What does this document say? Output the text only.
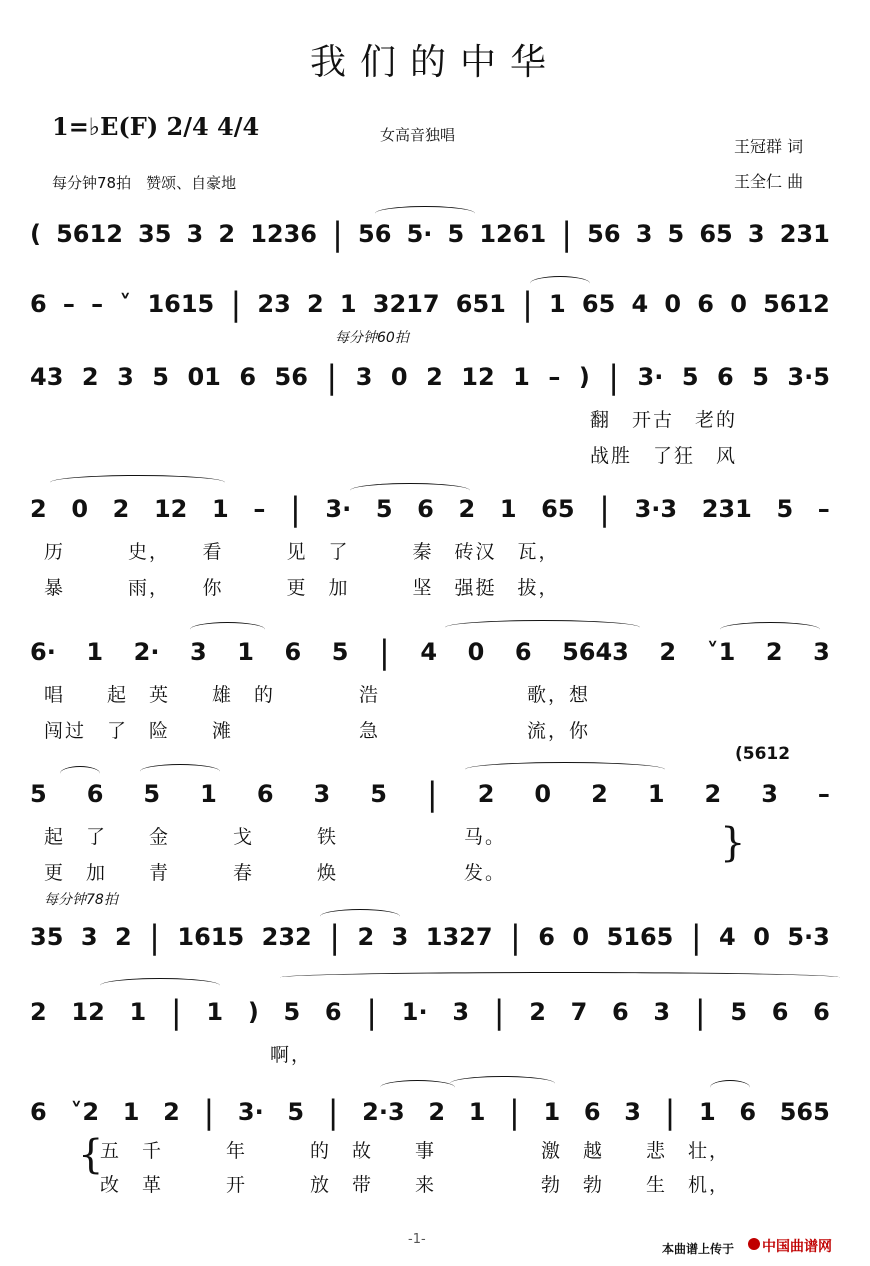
我们的中华
1=♭E(F) 2/4 4/4	女高音独唱
每分钟78拍　赞颂、自豪地
王冠群 词
王全仁 曲
( 5612 35 3 2 1236 | 56 5· 5 1261 | 56 3 5 65 3 231
6 – – ˅ 1615 | 23 2 1 3217 651 | 1 65 4 0 6 0 5612
每分钟60拍
43 2 3 5 01 6 56 | 3 0 2 12 1 – ) | 3· 5 6 5 3·5
翻　开古　老的
战胜　了狂　风
2 0 2 12 1 – | 3· 5 6 2 1 65 | 3·3 231 5 –
历　　　史，　　看　　　见　了　　　秦　砖汉　瓦，
暴　　　雨，　　你　　　更　加　　　坚　强挺　拔，
6· 1 2· 3 1 6 5 | 4 0 6 5643 2 ˅1 2 3
唱　　起　英　　雄　的　　　　浩　　　　　　　歌，想
闯过　了　险　　滩　　　　　　急　　　　　　　流，你
(5612
5 6 5 1 6 3 5 | 2 0 2 1 2 3 –
起　了　　金　　　戈　　　铁　　　　　　马。
更　加　　青　　　春　　　焕　　　　　　发。
}
每分钟78拍
35 3 2 | 1615 232 | 2 3 1327 | 6 0 5165 | 4 0 5·3
2 12 1 | 1 ) 5 6 | 1· 3 | 2 7 6 3 | 5 6 6
啊，
6 ˅2 1 2 | 3· 5 | 2·3 2 1 | 1 6 3 | 1 6 565
五　千　　　年　　　的　故　　事　　　　　激　越　　悲　壮，
改　革　　　开　　　放　带　　来　　　　　勃　勃　　生　机，
{
-1-
本曲谱上传于 中国曲谱网
